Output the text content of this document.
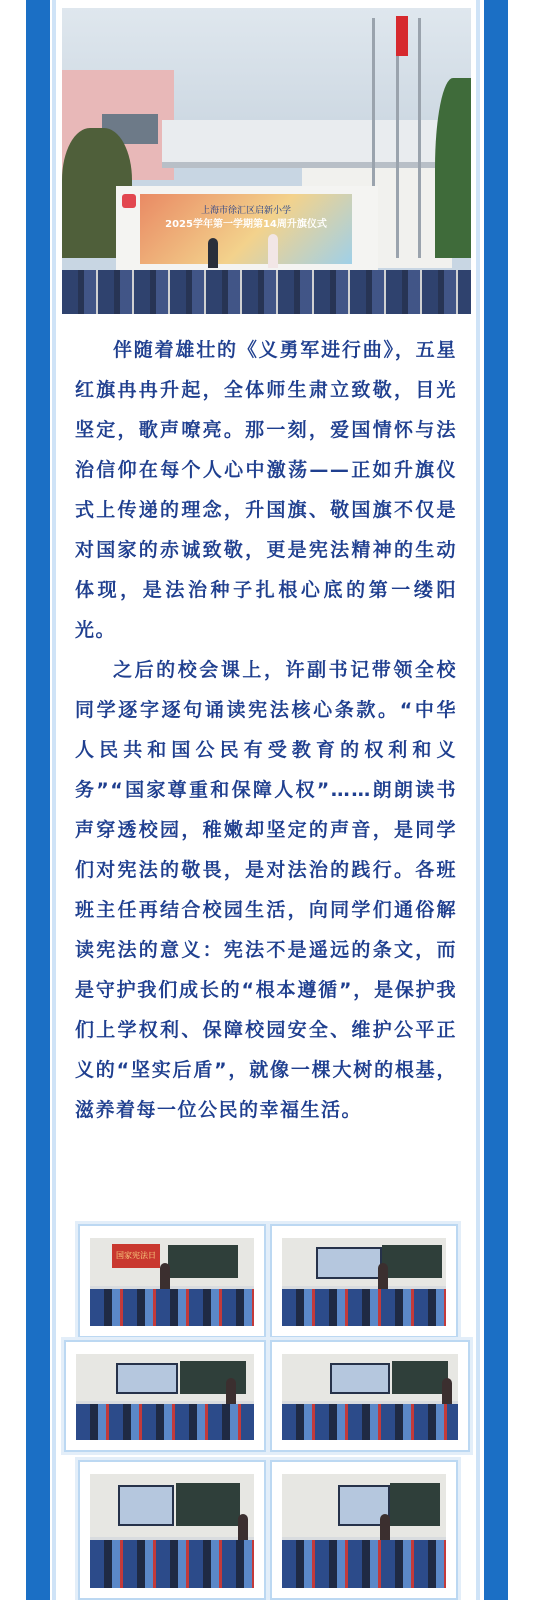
上海市徐汇区启新小学
2025学年第一学期第14周升旗仪式

伴随着雄壮的《义勇军进行曲》，五星红旗冉冉升起，全体师生肃立致敬，目光坚定，歌声嘹亮。那一刻，爱国情怀与法治信仰在每个人心中激荡——正如升旗仪式上传递的理念，升国旗、敬国旗不仅是对国家的赤诚致敬，更是宪法精神的生动体现，是法治种子扎根心底的第一缕阳光。

之后的校会课上，许副书记带领全校同学逐字逐句诵读宪法核心条款。“中华人民共和国公民有受教育的权利和义务”“国家尊重和保障人权”……朗朗读书声穿透校园，稚嫩却坚定的声音，是同学们对宪法的敬畏，是对法治的践行。各班班主任再结合校园生活，向同学们通俗解读宪法的意义：宪法不是遥远的条文，而是守护我们成长的“根本遵循”，是保护我们上学权利、保障校园安全、维护公平正义的“坚实后盾”，就像一棵大树的根基，滋养着每一位公民的幸福生活。

国家宪法日
